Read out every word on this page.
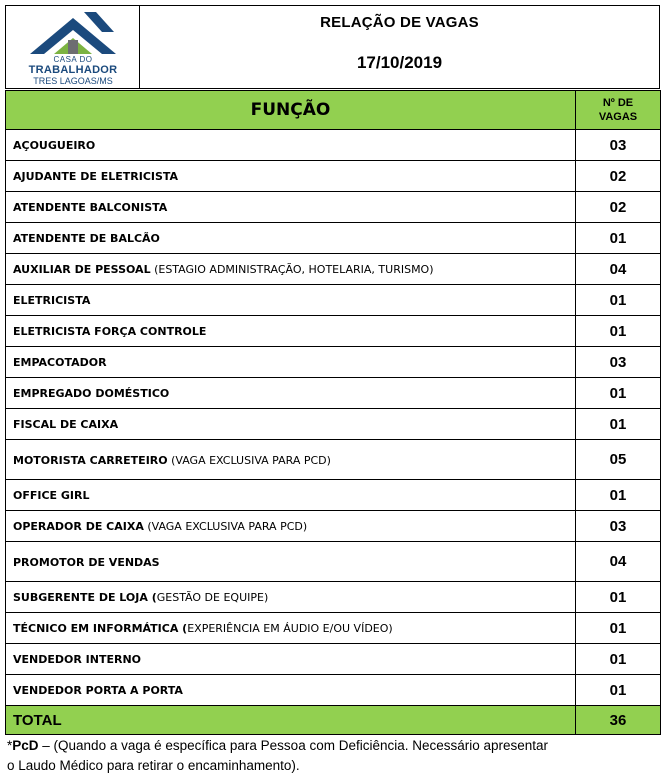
CASA DO
TRABALHADOR
TRES LAGOAS/MS
RELAÇÃO DE VAGAS
17/10/2019
FUNÇÃO	Nº DE
VAGAS
AÇOUGUEIRO	03
AJUDANTE DE ELETRICISTA	02
ATENDENTE BALCONISTA	02
ATENDENTE DE BALCÃO	01
AUXILIAR DE PESSOAL (ESTAGIO ADMINISTRAÇÃO, HOTELARIA, TURISMO)	04
ELETRICISTA	01
ELETRICISTA FORÇA CONTROLE	01
EMPACOTADOR	03
EMPREGADO DOMÉSTICO	01
FISCAL DE CAIXA	01
MOTORISTA CARRETEIRO (VAGA EXCLUSIVA PARA PCD)	05
OFFICE GIRL	01
OPERADOR DE CAIXA (VAGA EXCLUSIVA PARA PCD)	03
PROMOTOR DE VENDAS	04
SUBGERENTE DE LOJA (GESTÃO DE EQUIPE)	01
TÉCNICO EM INFORMÁTICA (EXPERIÊNCIA EM ÁUDIO E/OU VÍDEO)	01
VENDEDOR INTERNO	01
VENDEDOR PORTA A PORTA	01
TOTAL	36
*PcD – (Quando a vaga é específica para Pessoa com Deficiência. Necessário apresentar
o Laudo Médico para retirar o encaminhamento).
